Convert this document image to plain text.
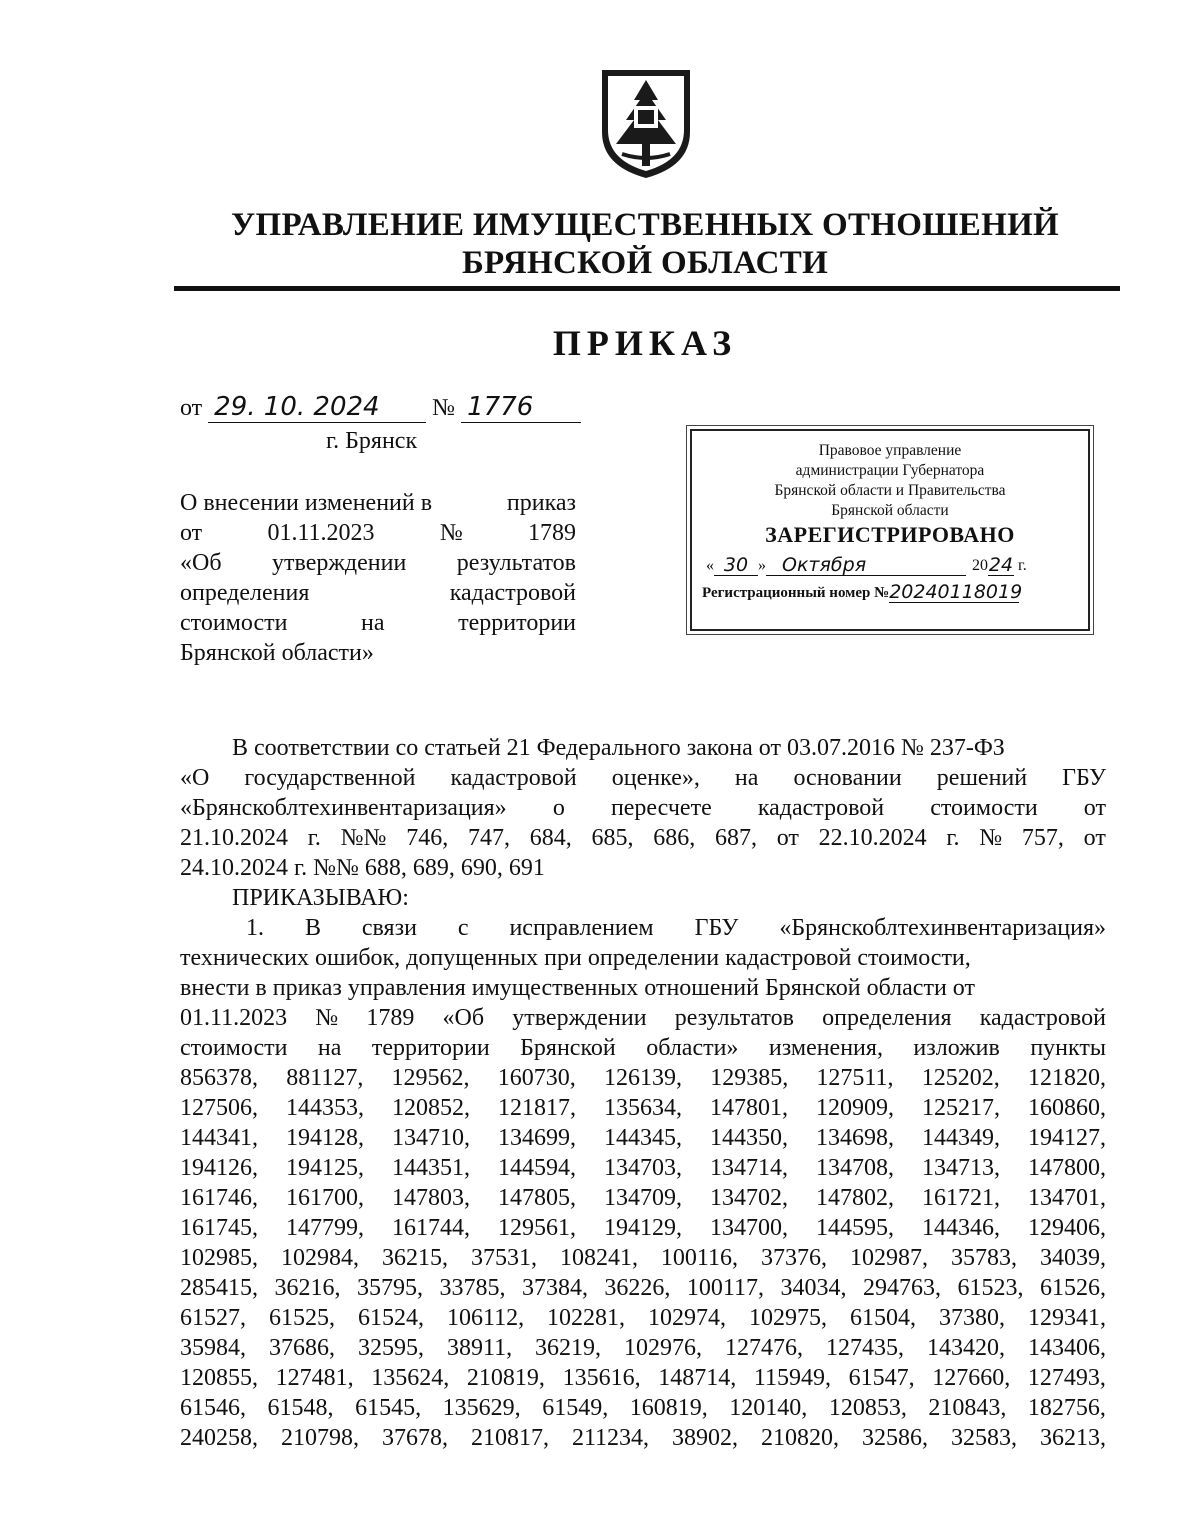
УПРАВЛЕНИЕ ИМУЩЕСТВЕННЫХ ОТНОШЕНИЙ
БРЯНСКОЙ ОБЛАСТИ
ПРИКАЗ
от 29. 10. 2024 № 1776
г. Брянск
О внесении изменений в	приказ
от	01.11.2023	№	1789
«Об утверждении результатов
определения	кадастровой
стоимости	на	территории
Брянской области»
Правовое управление
администрации Губернатора
Брянской области и Правительства
Брянской области
ЗАРЕГИСТРИРОВАНО
« 30 » Октября	20 24 г.
Регистрационный номер № 20240118019
В соответствии со статьей 21 Федерального закона от 03.07.2016 № 237-ФЗ
«О государственной кадастровой оценке», на основании решений ГБУ
«Брянскоблтехинвентаризация» о пересчете кадастровой стоимости от
21.10.2024 г. №№ 746, 747, 684, 685, 686, 687, от 22.10.2024 г. № 757, от
24.10.2024 г. №№ 688, 689, 690, 691
ПРИКАЗЫВАЮ:
1. В связи с исправлением ГБУ «Брянскоблтехинвентаризация»
технических ошибок, допущенных при определении кадастровой стоимости,
внести в приказ управления имущественных отношений Брянской области от
01.11.2023 № 1789 «Об утверждении результатов определения кадастровой
стоимости на территории Брянской области» изменения, изложив пункты
856378, 881127, 129562, 160730, 126139, 129385, 127511, 125202, 121820,
127506, 144353, 120852, 121817, 135634, 147801, 120909, 125217, 160860,
144341, 194128, 134710, 134699, 144345, 144350, 134698, 144349, 194127,
194126, 194125, 144351, 144594, 134703, 134714, 134708, 134713, 147800,
161746, 161700, 147803, 147805, 134709, 134702, 147802, 161721, 134701,
161745, 147799, 161744, 129561, 194129, 134700, 144595, 144346, 129406,
102985, 102984, 36215, 37531, 108241, 100116, 37376, 102987, 35783, 34039,
285415, 36216, 35795, 33785, 37384, 36226, 100117, 34034, 294763, 61523, 61526,
61527, 61525, 61524, 106112, 102281, 102974, 102975, 61504, 37380, 129341,
35984, 37686, 32595, 38911, 36219, 102976, 127476, 127435, 143420, 143406,
120855, 127481, 135624, 210819, 135616, 148714, 115949, 61547, 127660, 127493,
61546, 61548, 61545, 135629, 61549, 160819, 120140, 120853, 210843, 182756,
240258, 210798, 37678, 210817, 211234, 38902, 210820, 32586, 32583, 36213,
